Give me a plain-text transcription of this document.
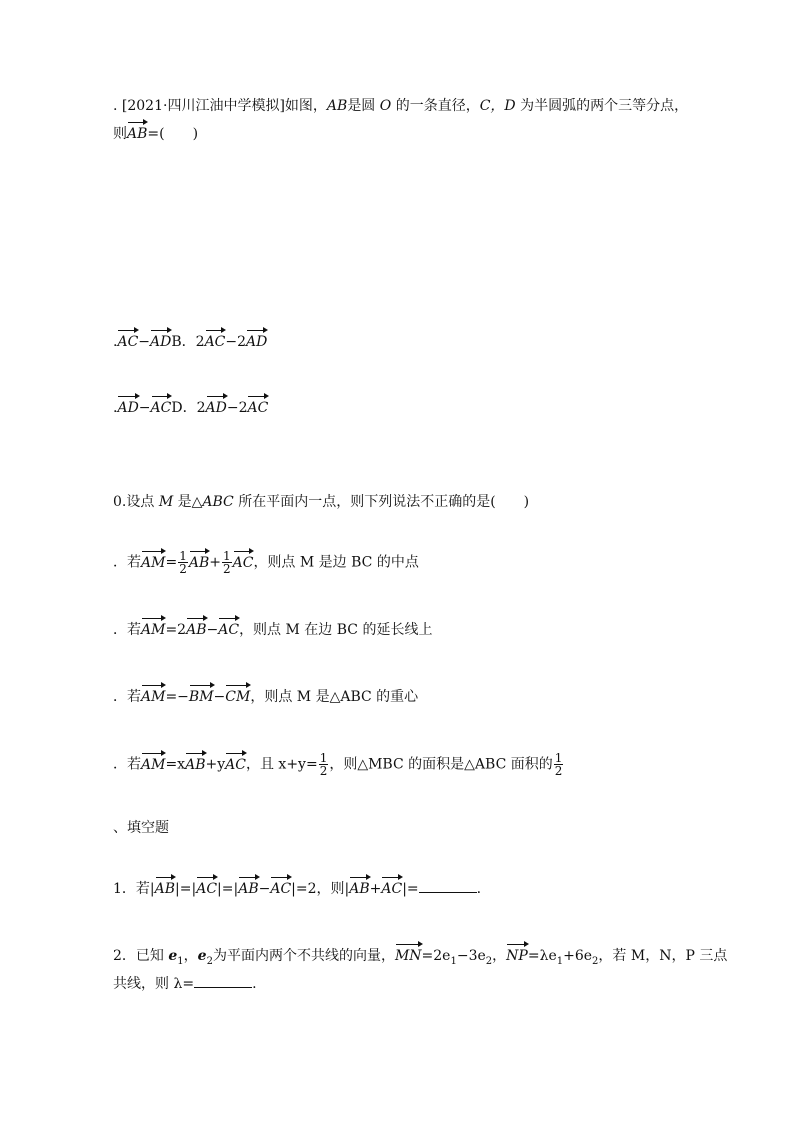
. [2021·四川江油中学模拟]如图，AB是圆 O 的一条直径，C，D 为半圆弧的两个三等分点，
则AB=(　　)
.AC−ADB．2AC−2AD
.AD−ACD．2AD−2AC
0.设点 M 是△ABC 所在平面内一点，则下列说法不正确的是(　　)
．若$AM= \frac{1}{2} AB+ \frac{1}{2}$ AC，则点 M 是边 BC 的中点
．若AM=2AB−AC，则点 M 在边 BC 的延长线上
．若AM=−BM−CM，则点 M 是△ABC 的重心
．若AM=xAB+yAC，且 $x+y= \frac{1}{2}$ ，则△MBC 的面积是△ABC 面积的 $\frac{1}{2}$
、填空题
1．若|AB|=|AC|=|AB−AC|=2，则|AB+AC|=	.
2．已知 $e_1$，$e_2$为平面内两个不共线的向量，$MN=2e_1-3e_2$，$NP=\lambda e_1+6e_2$，若 M，N，P 三点
共线，则 λ=	.
